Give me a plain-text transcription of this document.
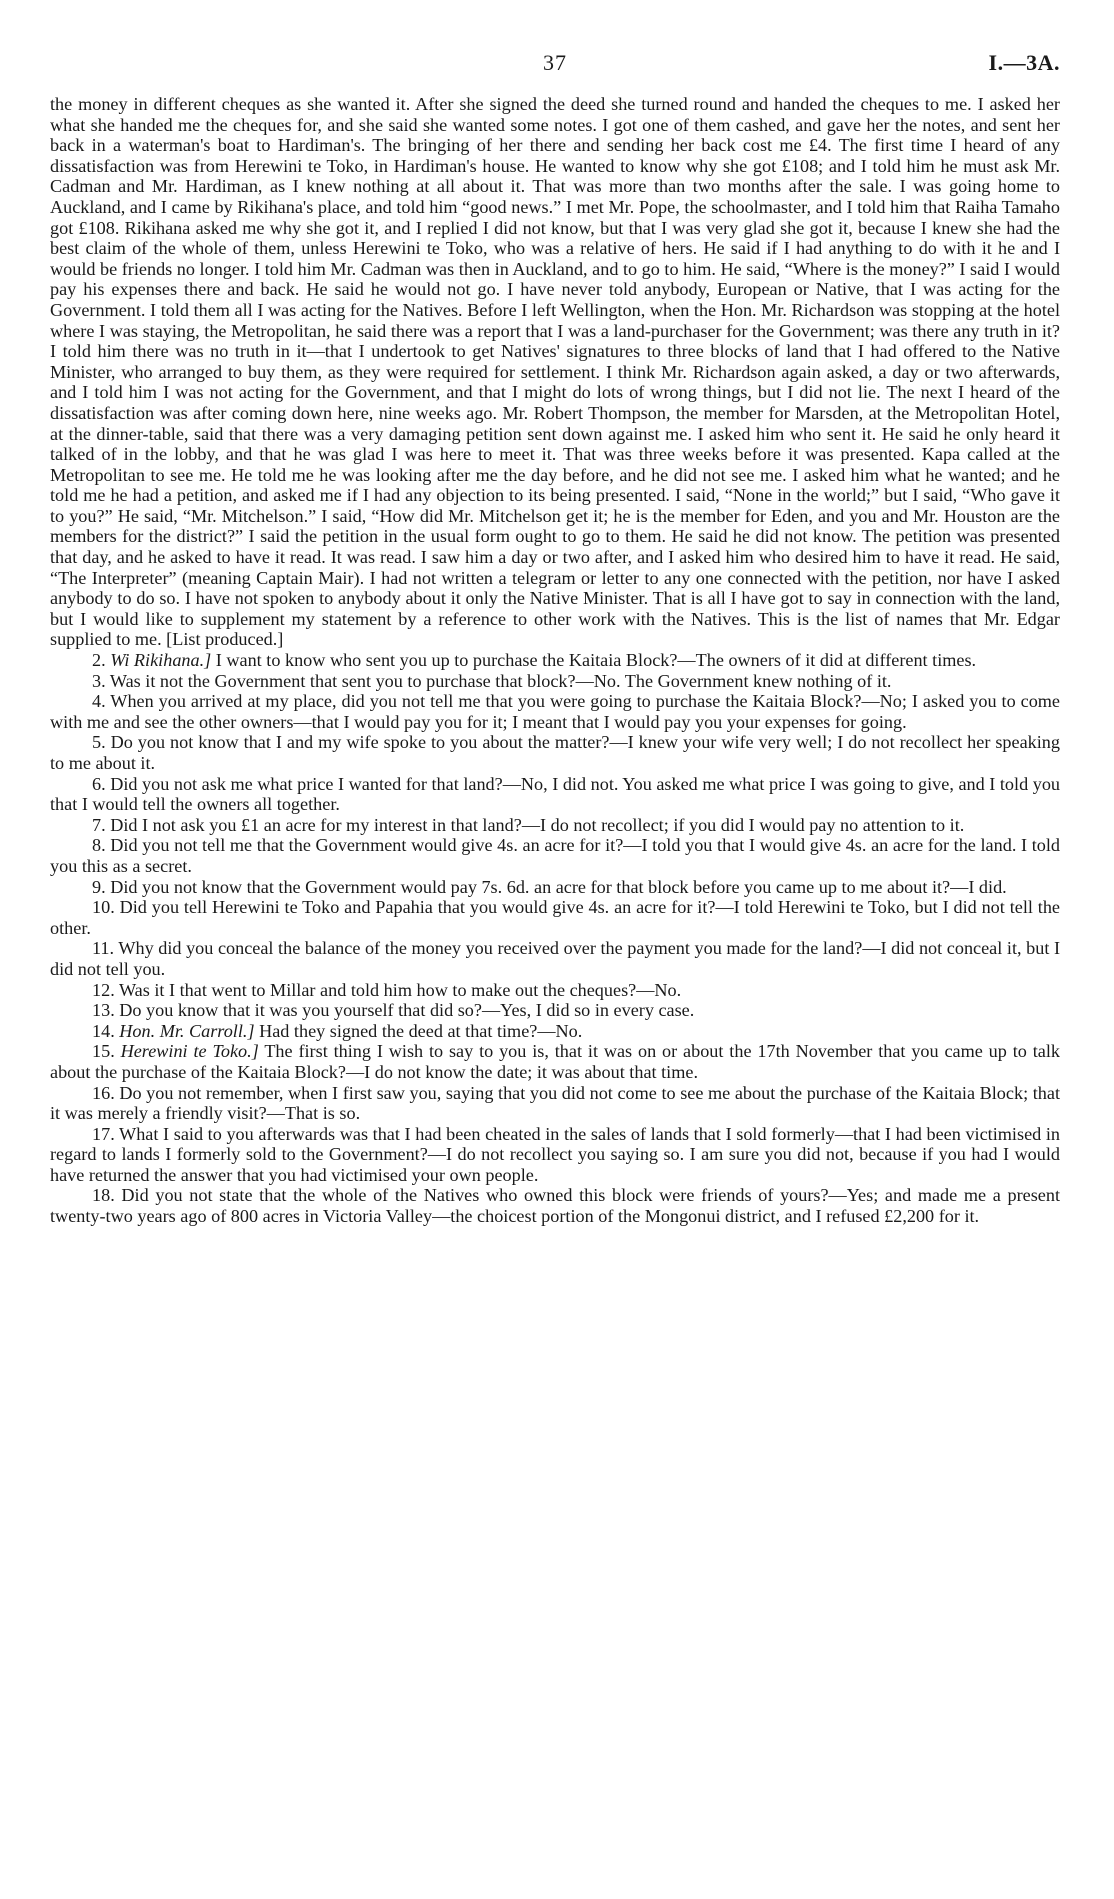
37	I.—3A.

the money in different cheques as she wanted it. After she signed the deed she turned round and handed the cheques to me. I asked her what she handed me the cheques for, and she said she wanted some notes. I got one of them cashed, and gave her the notes, and sent her back in a waterman's boat to Hardiman's. The bringing of her there and sending her back cost me £4. The first time I heard of any dissatisfaction was from Herewini te Toko, in Hardiman's house. He wanted to know why she got £108; and I told him he must ask Mr. Cadman and Mr. Hardiman, as I knew nothing at all about it. That was more than two months after the sale. I was going home to Auckland, and I came by Rikihana's place, and told him “good news.” I met Mr. Pope, the schoolmaster, and I told him that Raiha Tamaho got £108. Rikihana asked me why she got it, and I replied I did not know, but that I was very glad she got it, because I knew she had the best claim of the whole of them, unless Herewini te Toko, who was a relative of hers. He said if I had anything to do with it he and I would be friends no longer. I told him Mr. Cadman was then in Auckland, and to go to him. He said, “Where is the money?” I said I would pay his expenses there and back. He said he would not go. I have never told anybody, European or Native, that I was acting for the Government. I told them all I was acting for the Natives. Before I left Wellington, when the Hon. Mr. Richardson was stopping at the hotel where I was staying, the Metropolitan, he said there was a report that I was a land-purchaser for the Government; was there any truth in it? I told him there was no truth in it—that I undertook to get Natives' signatures to three blocks of land that I had offered to the Native Minister, who arranged to buy them, as they were required for settlement. I think Mr. Richardson again asked, a day or two afterwards, and I told him I was not acting for the Government, and that I might do lots of wrong things, but I did not lie. The next I heard of the dissatisfaction was after coming down here, nine weeks ago. Mr. Robert Thompson, the member for Marsden, at the Metropolitan Hotel, at the dinner-table, said that there was a very damaging petition sent down against me. I asked him who sent it. He said he only heard it talked of in the lobby, and that he was glad I was here to meet it. That was three weeks before it was presented. Kapa called at the Metropolitan to see me. He told me he was looking after me the day before, and he did not see me. I asked him what he wanted; and he told me he had a petition, and asked me if I had any objection to its being presented. I said, “None in the world;” but I said, “Who gave it to you?” He said, “Mr. Mitchelson.” I said, “How did Mr. Mitchelson get it; he is the member for Eden, and you and Mr. Houston are the members for the district?” I said the petition in the usual form ought to go to them. He said he did not know. The petition was presented that day, and he asked to have it read. It was read. I saw him a day or two after, and I asked him who desired him to have it read. He said, “The Interpreter” (meaning Captain Mair). I had not written a telegram or letter to any one connected with the petition, nor have I asked anybody to do so. I have not spoken to anybody about it only the Native Minister. That is all I have got to say in connection with the land, but I would like to supplement my statement by a reference to other work with the Natives. This is the list of names that Mr. Edgar supplied to me. [List produced.]

2. Wi Rikihana.] I want to know who sent you up to purchase the Kaitaia Block?—The owners of it did at different times.

3. Was it not the Government that sent you to purchase that block?—No. The Government knew nothing of it.

4. When you arrived at my place, did you not tell me that you were going to purchase the Kaitaia Block?—No; I asked you to come with me and see the other owners—that I would pay you for it; I meant that I would pay you your expenses for going.

5. Do you not know that I and my wife spoke to you about the matter?—I knew your wife very well; I do not recollect her speaking to me about it.

6. Did you not ask me what price I wanted for that land?—No, I did not. You asked me what price I was going to give, and I told you that I would tell the owners all together.

7. Did I not ask you £1 an acre for my interest in that land?—I do not recollect; if you did I would pay no attention to it.

8. Did you not tell me that the Government would give 4s. an acre for it?—I told you that I would give 4s. an acre for the land. I told you this as a secret.

9. Did you not know that the Government would pay 7s. 6d. an acre for that block before you came up to me about it?—I did.

10. Did you tell Herewini te Toko and Papahia that you would give 4s. an acre for it?—I told Herewini te Toko, but I did not tell the other.

11. Why did you conceal the balance of the money you received over the payment you made for the land?—I did not conceal it, but I did not tell you.

12. Was it I that went to Millar and told him how to make out the cheques?—No.

13. Do you know that it was you yourself that did so?—Yes, I did so in every case.

14. Hon. Mr. Carroll.] Had they signed the deed at that time?—No.

15. Herewini te Toko.] The first thing I wish to say to you is, that it was on or about the 17th November that you came up to talk about the purchase of the Kaitaia Block?—I do not know the date; it was about that time.

16. Do you not remember, when I first saw you, saying that you did not come to see me about the purchase of the Kaitaia Block; that it was merely a friendly visit?—That is so.

17. What I said to you afterwards was that I had been cheated in the sales of lands that I sold formerly—that I had been victimised in regard to lands I formerly sold to the Government?—I do not recollect you saying so. I am sure you did not, because if you had I would have returned the answer that you had victimised your own people.

18. Did you not state that the whole of the Natives who owned this block were friends of yours?—Yes; and made me a present twenty-two years ago of 800 acres in Victoria Valley—the choicest portion of the Mongonui district, and I refused £2,200 for it.
